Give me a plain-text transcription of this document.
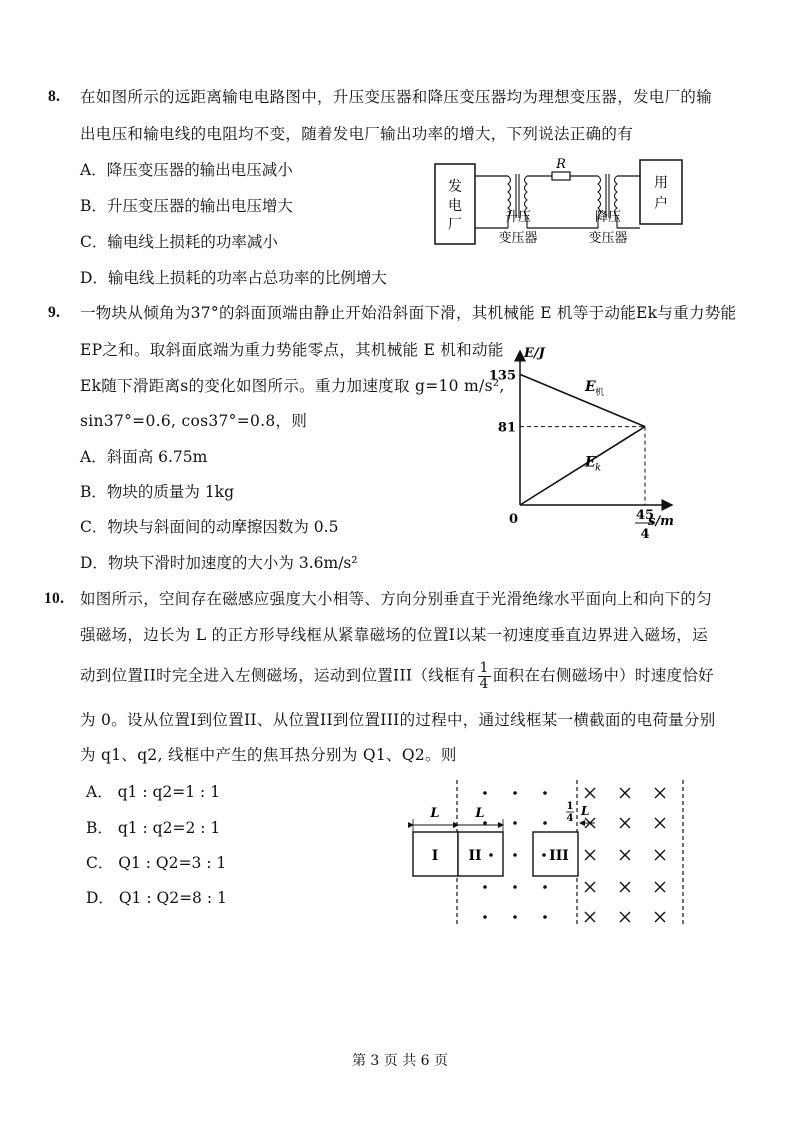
8. 在如图所示的远距离输电电路图中，升压变压器和降压变压器均为理想变压器，发电厂的输
出电压和输电线的电阻均不变，随着发电厂输出功率的增大，下列说法正确的有
A．降压变压器的输出电压减小
B．升压变压器的输出电压增大
C．输电线上损耗的功率减小
D．输电线上损耗的功率占总功率的比例增大
发
电
厂
R
用
户
升压
变压器
降压
变压器
9. 一物块从倾角为37°的斜面顶端由静止开始沿斜面下滑，其机械能 E 机等于动能Ek与重力势能
EP之和。取斜面底端为重力势能零点，其机械能 E 机和动能
Ek随下滑距离s的变化如图所示。重力加速度取 g=10 m/s²,
sin37°=0.6, cos37°=0.8，则
A．斜面高 6.75m
B．物块的质量为 1kg
C．物块与斜面间的动摩擦因数为 0.5
D．物块下滑时加速度的大小为 3.6m/s²
E/J
s/m
0
135
81
45
4
E 机
E k
10. 如图所示，空间存在磁感应强度大小相等、方向分别垂直于光滑绝缘水平面向上和向下的匀
强磁场，边长为 L 的正方形导线框从紧靠磁场的位置I以某一初速度垂直边界进入磁场，运
动到位置II时完全进入左侧磁场，运动到位置III（线框有 $\frac{1}{4}$ 面积在右侧磁场中）时速度恰好
为 0。设从位置I到位置II、从位置II到位置III的过程中，通过线框某一横截面的电荷量分别
为 q1、q2, 线框中产生的焦耳热分别为 Q1、Q2。则
A． q1 : q2=1 : 1
B． q1 : q2=2 : 1
C． Q1 : Q2=3 : 1
D． Q1 : Q2=8 : 1
I II	III
L	L	1
4
L
第 3 页 共 6 页
